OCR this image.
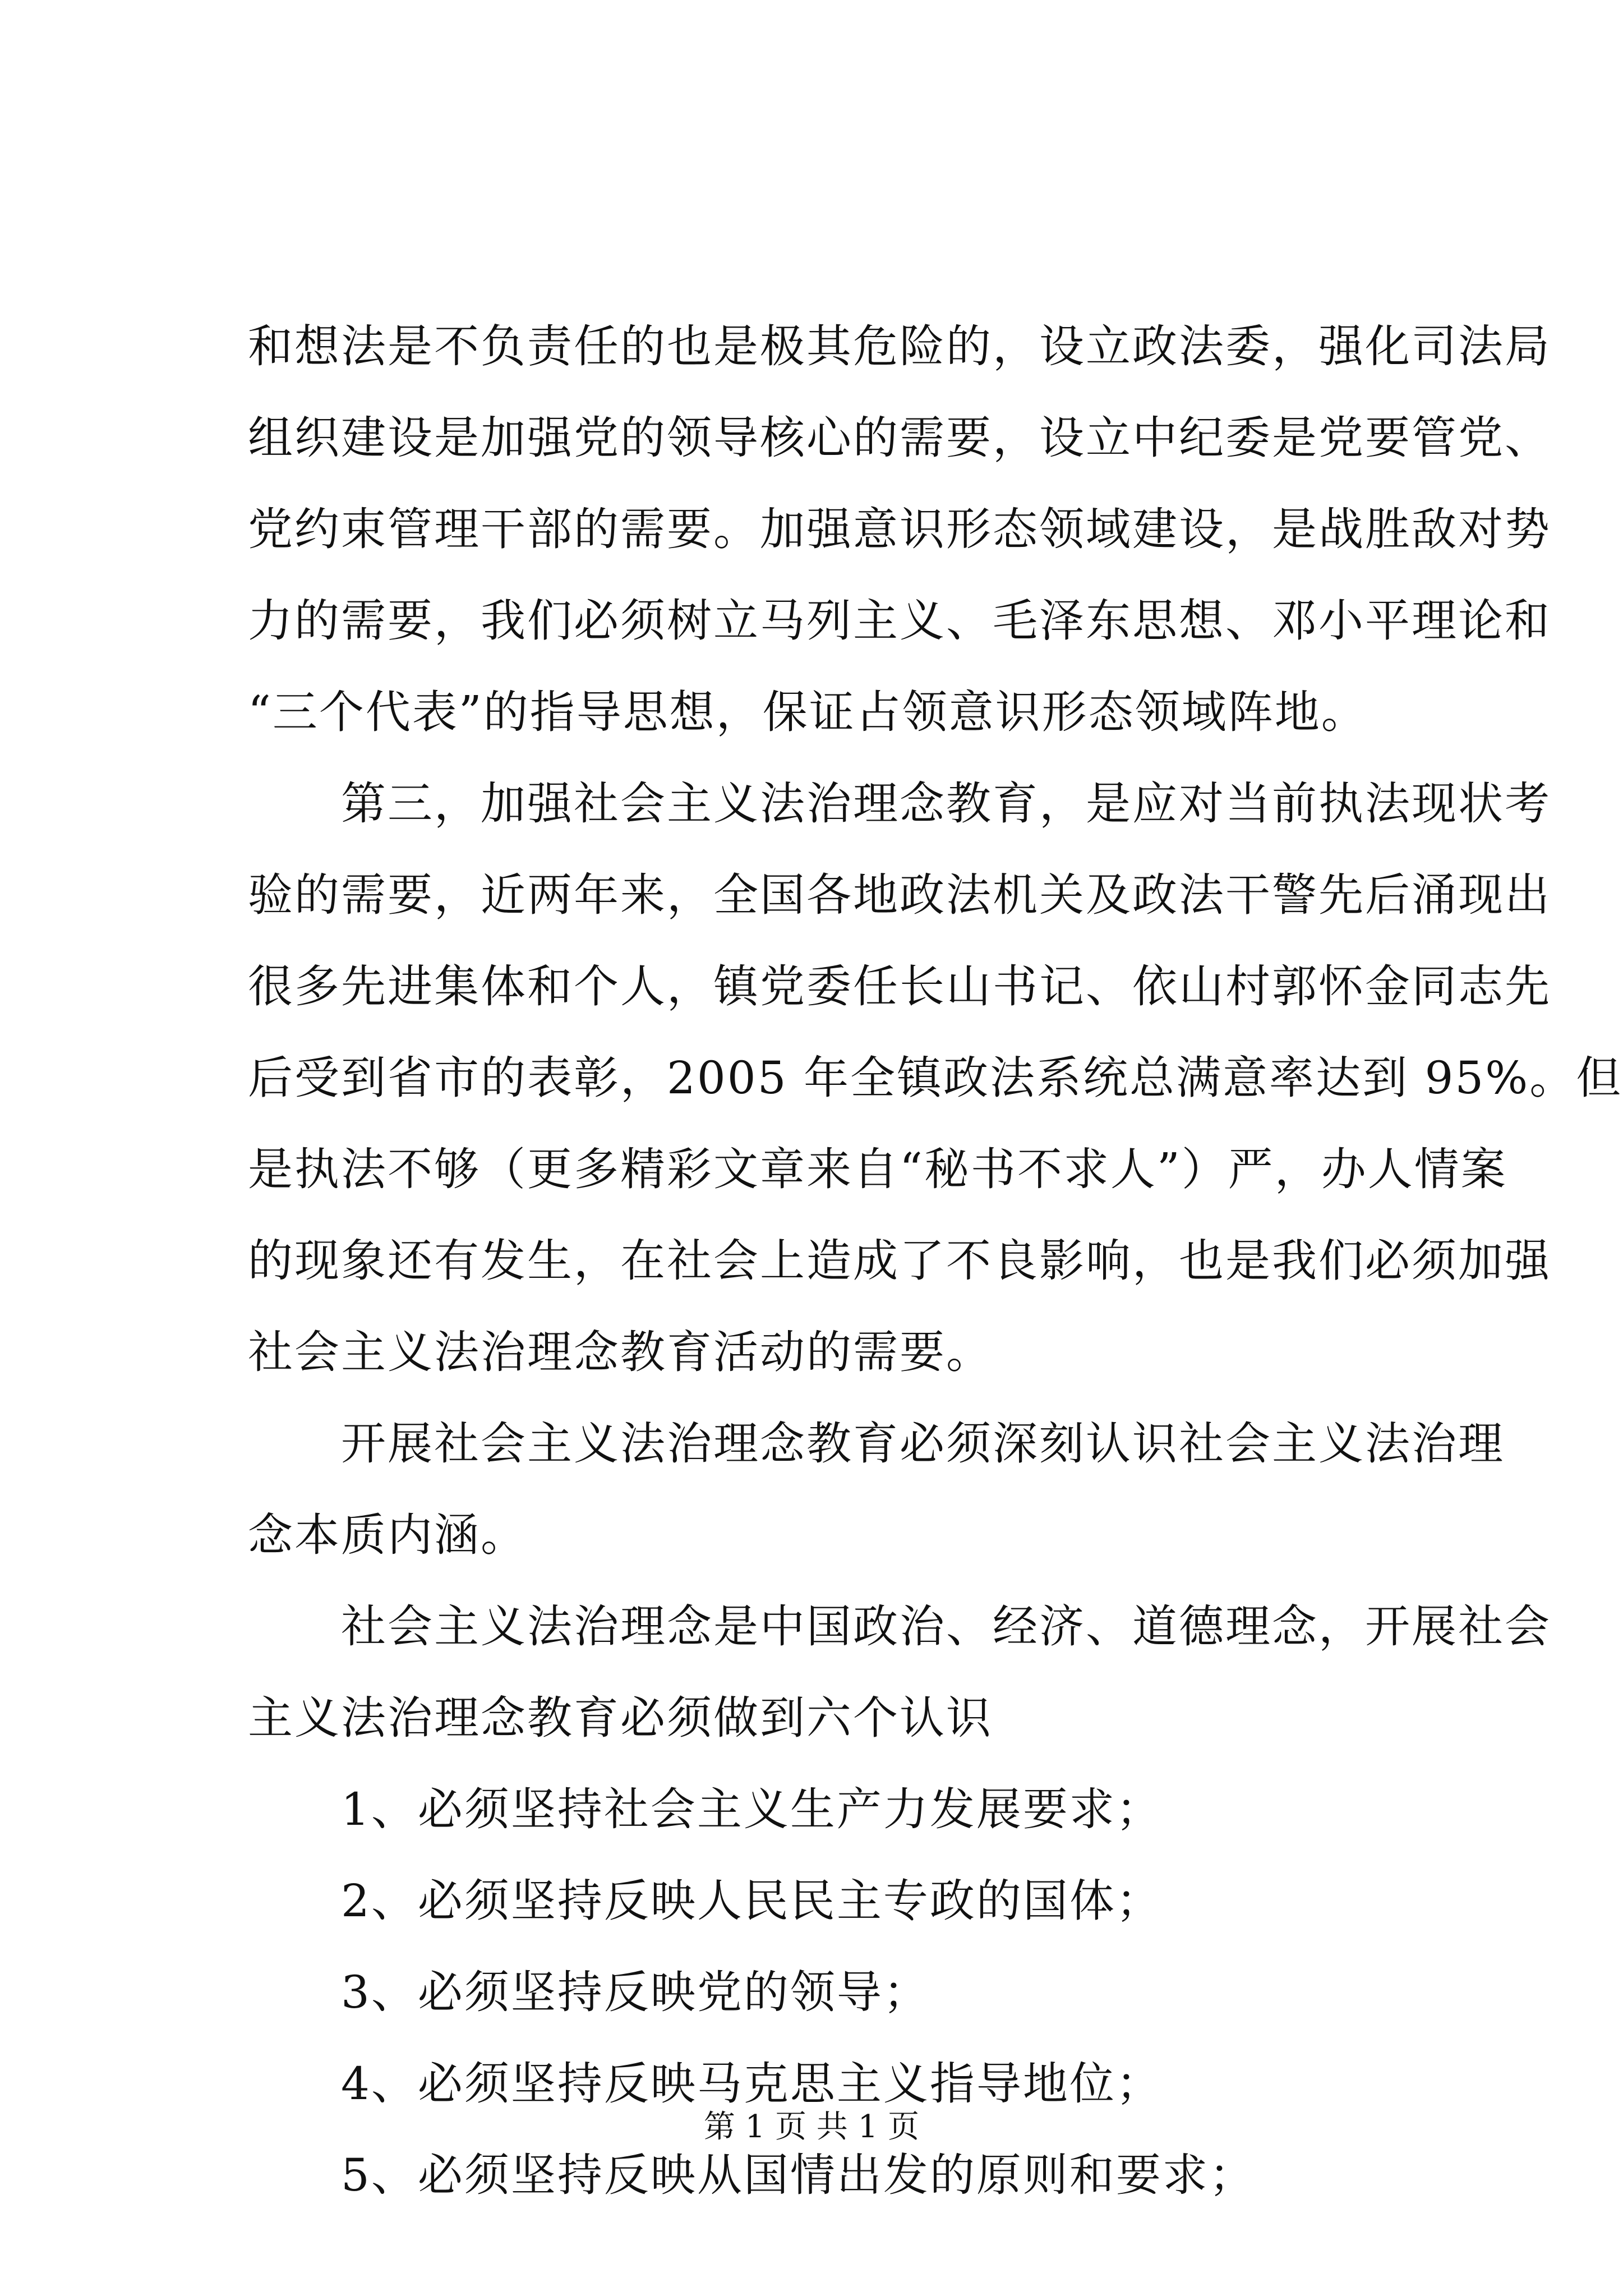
和想法是不负责任的也是极其危险的，设立政法委，强化司法局
组织建设是加强党的领导核心的需要，设立中纪委是党要管党、
党约束管理干部的需要。加强意识形态领域建设，是战胜敌对势
力的需要，我们必须树立马列主义、毛泽东思想、邓小平理论和
“三个代表”的指导思想，保证占领意识形态领域阵地。
　　第三，加强社会主义法治理念教育，是应对当前执法现状考
验的需要，近两年来，全国各地政法机关及政法干警先后涌现出
很多先进集体和个人，镇党委任长山书记、依山村郭怀金同志先
后受到省市的表彰，2005 年全镇政法系统总满意率达到 95%。但
是执法不够（更多精彩文章来自“秘书不求人”）严，办人情案
的现象还有发生，在社会上造成了不良影响，也是我们必须加强
社会主义法治理念教育活动的需要。
　　开展社会主义法治理念教育必须深刻认识社会主义法治理
念本质内涵。
　　社会主义法治理念是中国政治、经济、道德理念，开展社会
主义法治理念教育必须做到六个认识
　　1、必须坚持社会主义生产力发展要求；
　　2、必须坚持反映人民民主专政的国体；
　　3、必须坚持反映党的领导；
　　4、必须坚持反映马克思主义指导地位；
　　5、必须坚持反映从国情出发的原则和要求；
第 1 页 共 1 页
